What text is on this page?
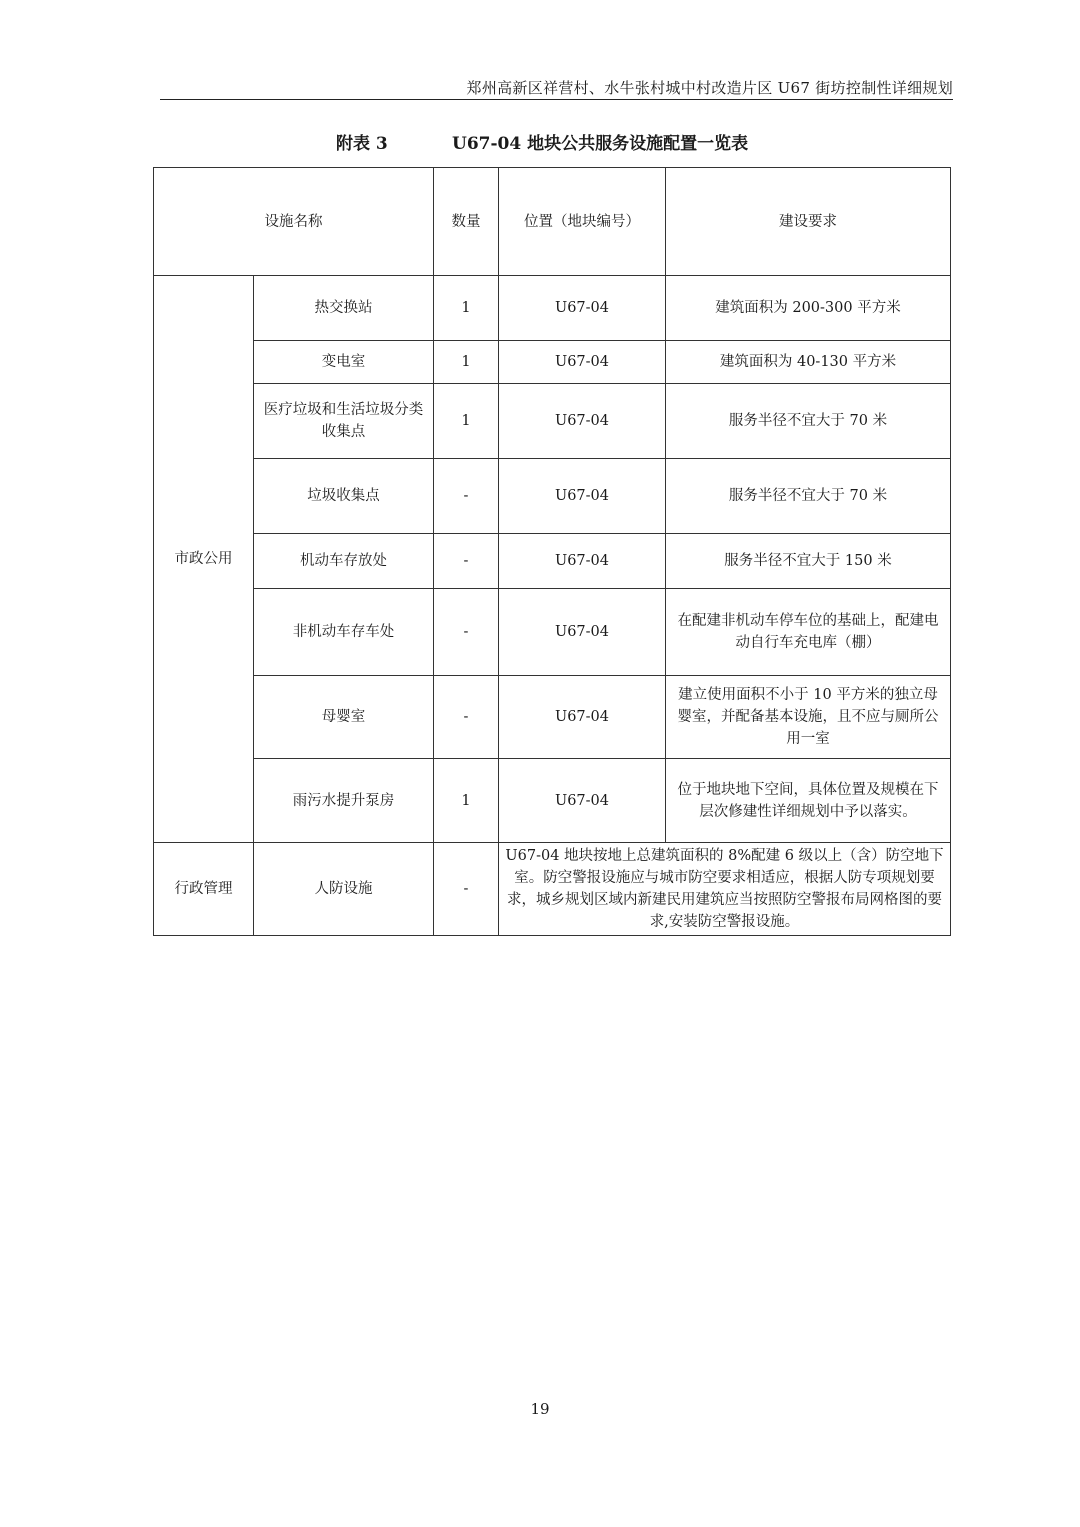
郑州高新区祥营村、水牛张村城中村改造片区 U67 街坊控制性详细规划
附表 3	U67-04 地块公共服务设施配置一览表
设施名称		数量	位置（地块编号）	建设要求
市政公用	热交换站	1	U67-04	建筑面积为 200-300 平方米
	变电室	1	U67-04	建筑面积为 40-130 平方米
	医疗垃圾和生活垃圾分类收集点	1	U67-04	服务半径不宜大于 70 米
	垃圾收集点	-	U67-04	服务半径不宜大于 70 米
	机动车存放处	-	U67-04	服务半径不宜大于 150 米
	非机动车存车处	-	U67-04	在配建非机动车停车位的基础上，配建电动自行车充电库（棚）
	母婴室	-	U67-04	建立使用面积不小于 10 平方米的独立母婴室，并配备基本设施，且不应与厕所公用一室
	雨污水提升泵房	1	U67-04	位于地块地下空间，具体位置及规模在下层次修建性详细规划中予以落实。
行政管理	人防设施	-	U67-04 地块按地上总建筑面积的 8%配建 6 级以上（含）防空地下室。防空警报设施应与城市防空要求相适应，根据人防专项规划要求，城乡规划区域内新建民用建筑应当按照防空警报布局网格图的要求,安装防空警报设施。	
19
